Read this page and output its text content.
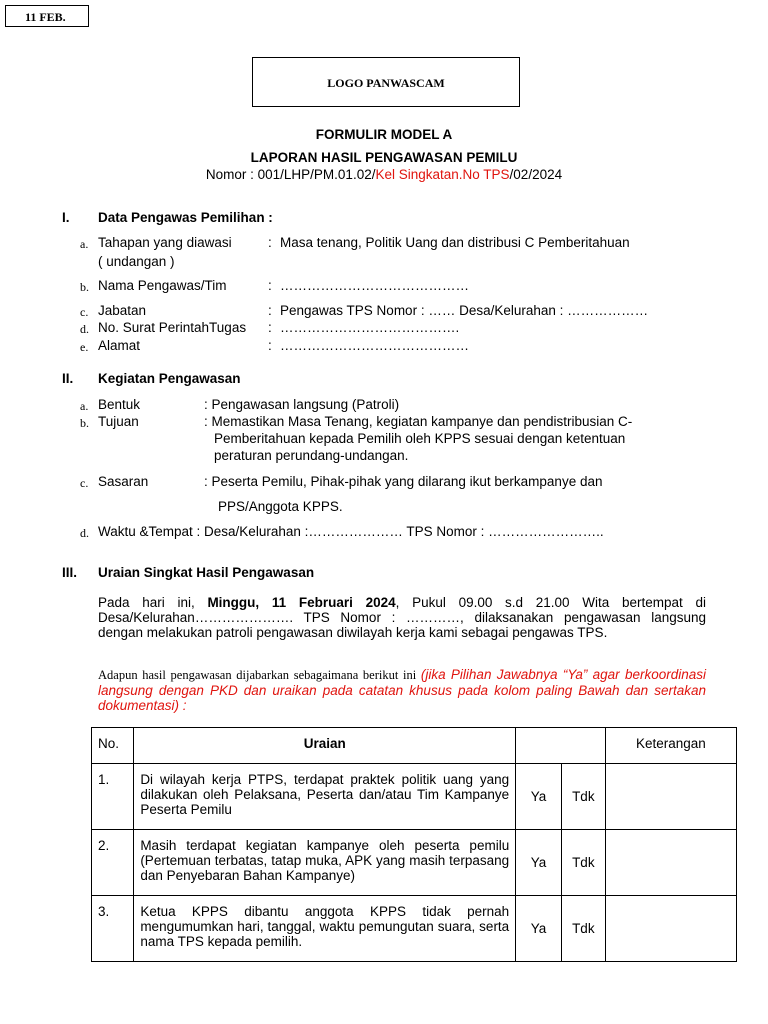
11 FEB.
LOGO PANWASCAM
FORMULIR MODEL A
LAPORAN HASIL PENGAWASAN PEMILU
Nomor : 001/LHP/PM.01.02/Kel Singkatan.No TPS/02/2024
I. Data Pengawas Pemilihan :
a. Tahapan yang diawasi	: Masa tenang, Politik Uang dan distribusi C Pemberitahuan
( undangan )
b. Nama Pengawas/Tim	: ……………………………………
c. Jabatan	: Pengawas TPS Nomor : …… Desa/Kelurahan : ………………
d. No. Surat PerintahTugas : ………………………………….
e. Alamat	: ……………………………………
II. Kegiatan Pengawasan
a. Bentuk	: Pengawasan langsung (Patroli)
b. Tujuan	: Memastikan Masa Tenang, kegiatan kampanye dan pendistribusian C-
Pemberitahuan kepada Pemilih oleh KPPS sesuai dengan ketentuan
peraturan perundang-undangan.
c. Sasaran	: Peserta Pemilu, Pihak-pihak yang dilarang ikut berkampanye dan
PPS/Anggota KPPS.
d. Waktu &Tempat : Desa/Kelurahan :………………… TPS Nomor : ……………………..
III. Uraian Singkat Hasil Pengawasan
Pada hari ini, Minggu, 11 Februari 2024, Pukul 09.00 s.d 21.00 Wita bertempat di Desa/Kelurahan…………………. TPS Nomor : …………, dilaksanakan pengawasan langsung dengan melakukan patroli pengawasan diwilayah kerja kami sebagai pengawas TPS.
Adapun hasil pengawasan dijabarkan sebagaimana berikut ini (jika Pilihan Jawabnya “Ya” agar berkoordinasi langsung dengan PKD dan uraikan pada catatan khusus pada kolom paling Bawah dan sertakan dokumentasi) :
No.	Uraian			Keterangan
1.	Di wilayah kerja PTPS, terdapat praktek politik uang yang dilakukan oleh Pelaksana, Peserta dan/atau Tim Kampanye Peserta Pemilu	Ya	Tdk	
2.	Masih terdapat kegiatan kampanye oleh peserta pemilu (Pertemuan terbatas, tatap muka, APK yang masih terpasang dan Penyebaran Bahan Kampanye)	Ya	Tdk	
3.	Ketua KPPS dibantu anggota KPPS tidak pernah mengumumkan hari, tanggal, waktu pemungutan suara, serta nama TPS kepada pemilih.	Ya	Tdk	
